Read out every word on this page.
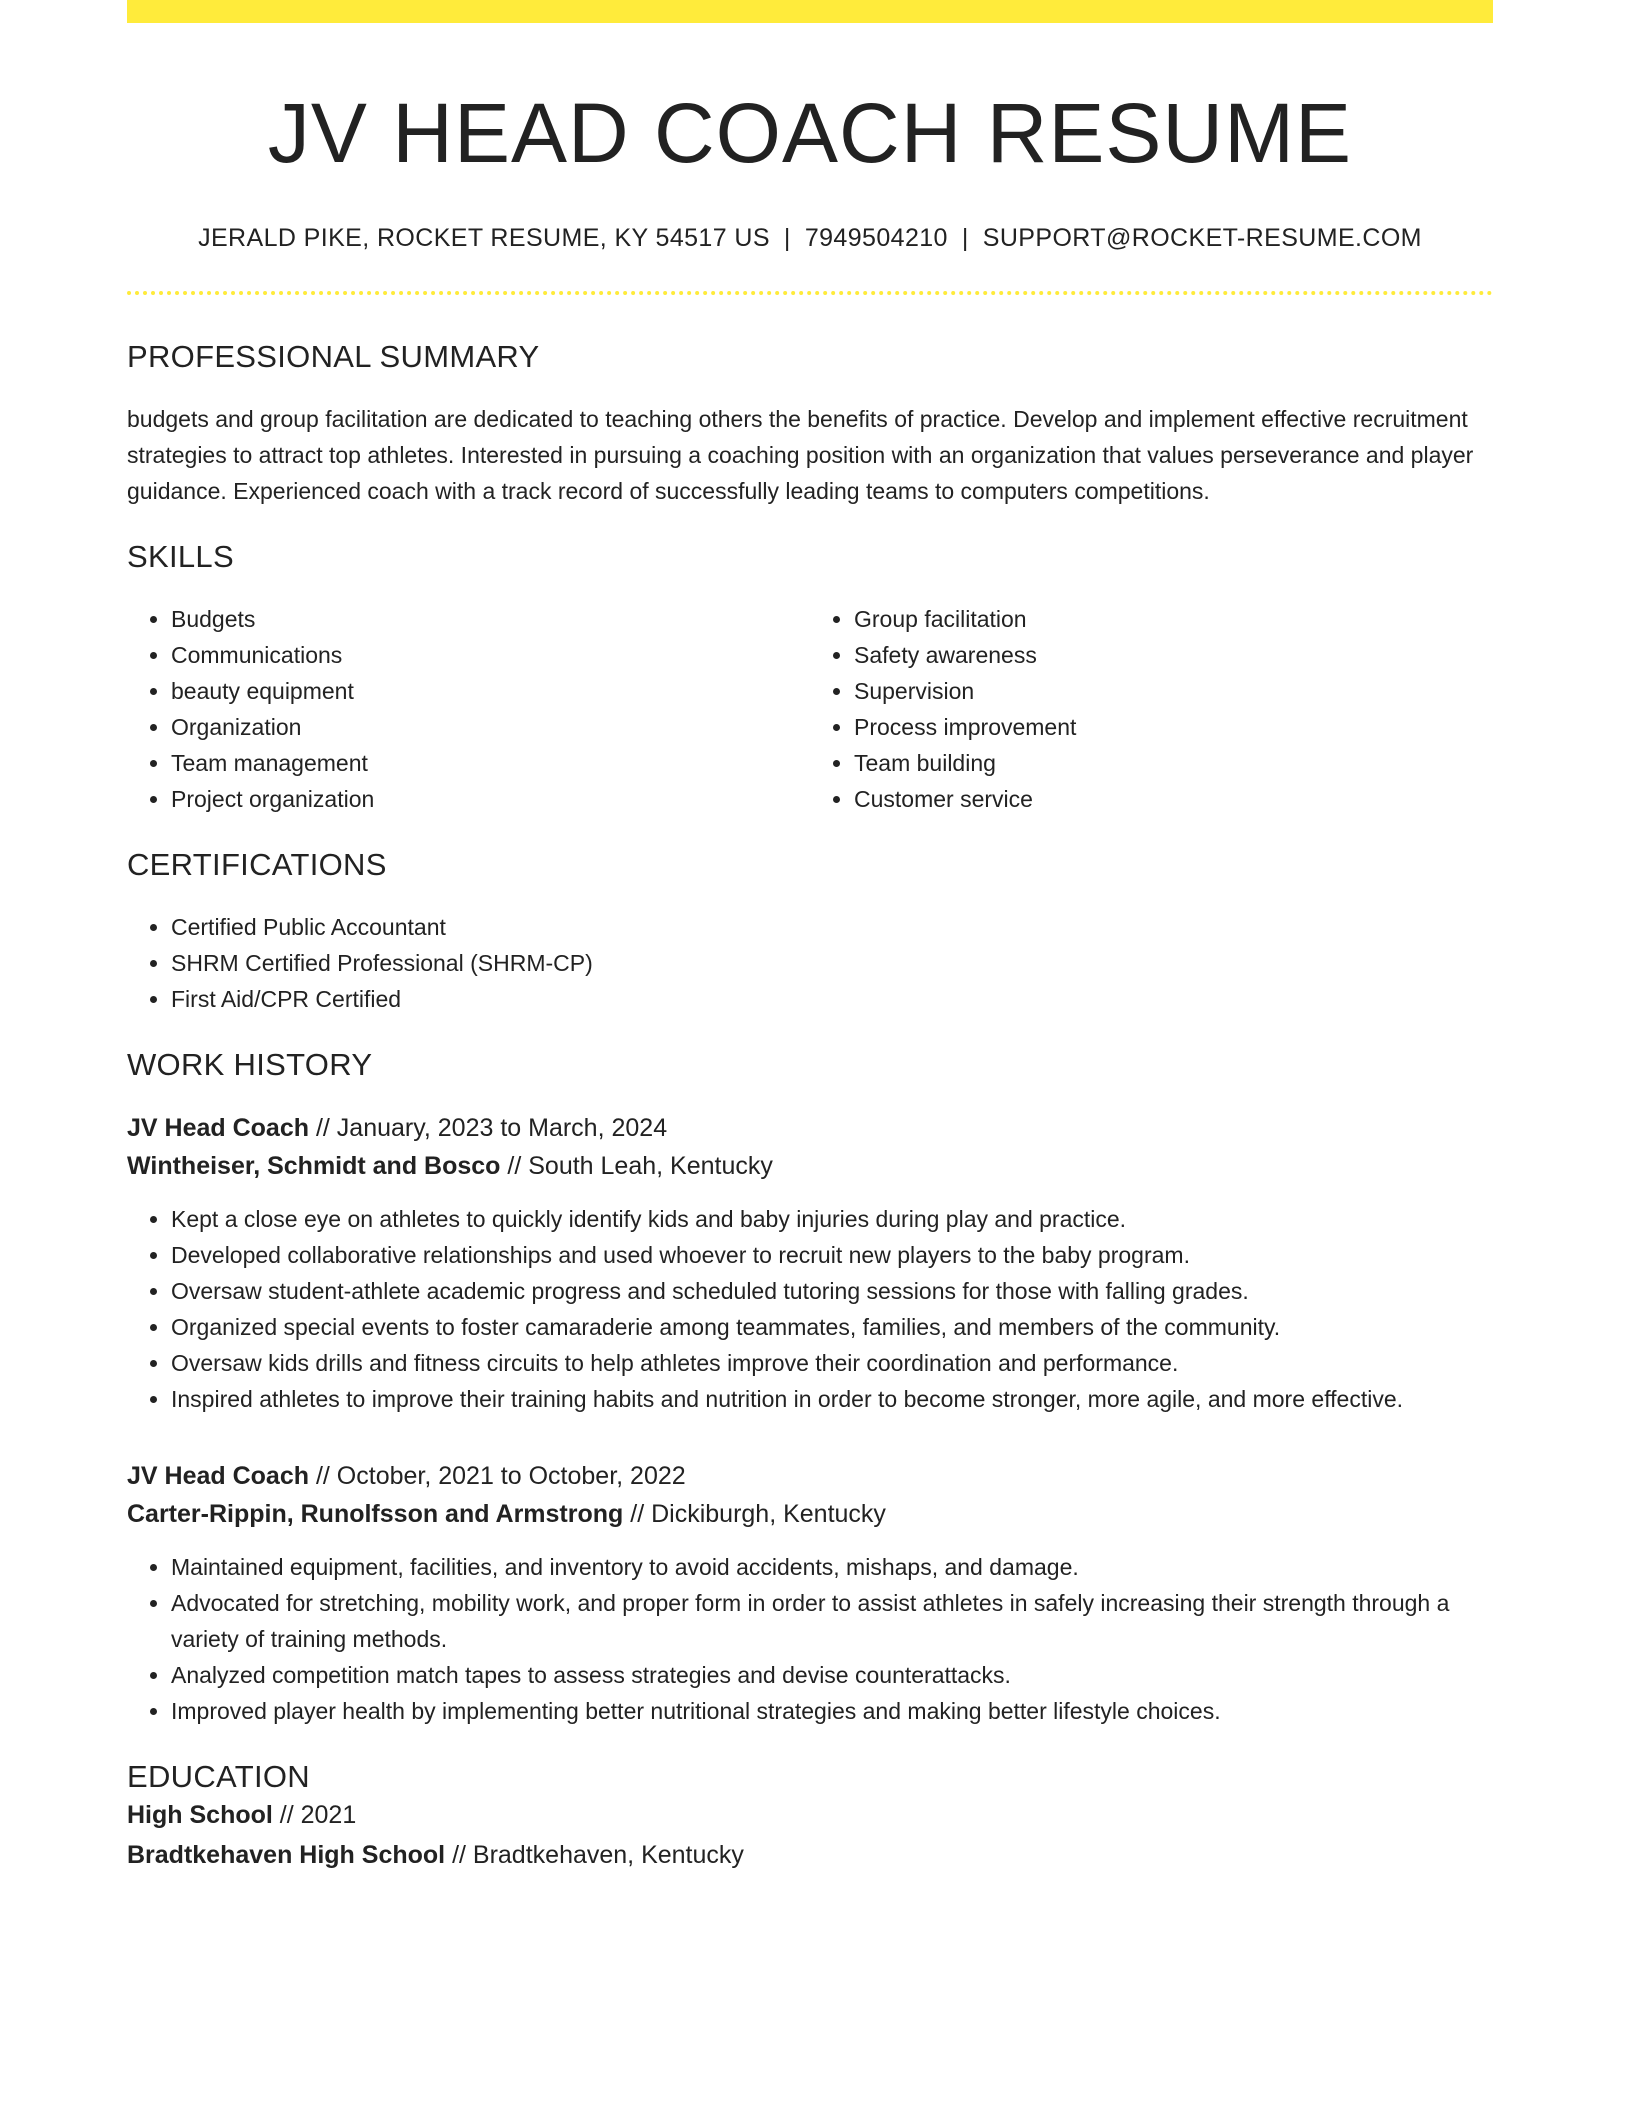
JV HEAD COACH RESUME
JERALD PIKE, ROCKET RESUME, KY 54517 US | 7949504210 | SUPPORT@ROCKET-RESUME.COM
PROFESSIONAL SUMMARY

budgets and group facilitation are dedicated to teaching others the benefits of practice. Develop and implement effective recruitment strategies to attract top athletes. Interested in pursuing a coaching position with an organization that values perseverance and player guidance. Experienced coach with a track record of successfully leading teams to computers competitions.

SKILLS
• Budgets
• Communications
• beauty equipment
• Organization
• Team management
• Project organization
• Group facilitation
• Safety awareness
• Supervision
• Process improvement
• Team building
• Customer service
CERTIFICATIONS
• Certified Public Accountant
• SHRM Certified Professional (SHRM-CP)
• First Aid/CPR Certified
WORK HISTORY

JV Head Coach // January, 2023 to March, 2024

Wintheiser, Schmidt and Bosco // South Leah, Kentucky

• Kept a close eye on athletes to quickly identify kids and baby injuries during play and practice.
• Developed collaborative relationships and used whoever to recruit new players to the baby program.
• Oversaw student-athlete academic progress and scheduled tutoring sessions for those with falling grades.
• Organized special events to foster camaraderie among teammates, families, and members of the community.
• Oversaw kids drills and fitness circuits to help athletes improve their coordination and performance.
• Inspired athletes to improve their training habits and nutrition in order to become stronger, more agile, and more effective.

JV Head Coach // October, 2021 to October, 2022

Carter-Rippin, Runolfsson and Armstrong // Dickiburgh, Kentucky

• Maintained equipment, facilities, and inventory to avoid accidents, mishaps, and damage.
• Advocated for stretching, mobility work, and proper form in order to assist athletes in safely increasing their strength through a variety of training methods.
• Analyzed competition match tapes to assess strategies and devise counterattacks.
• Improved player health by implementing better nutritional strategies and making better lifestyle choices.
EDUCATION

High School // 2021

Bradtkehaven High School // Bradtkehaven, Kentucky
